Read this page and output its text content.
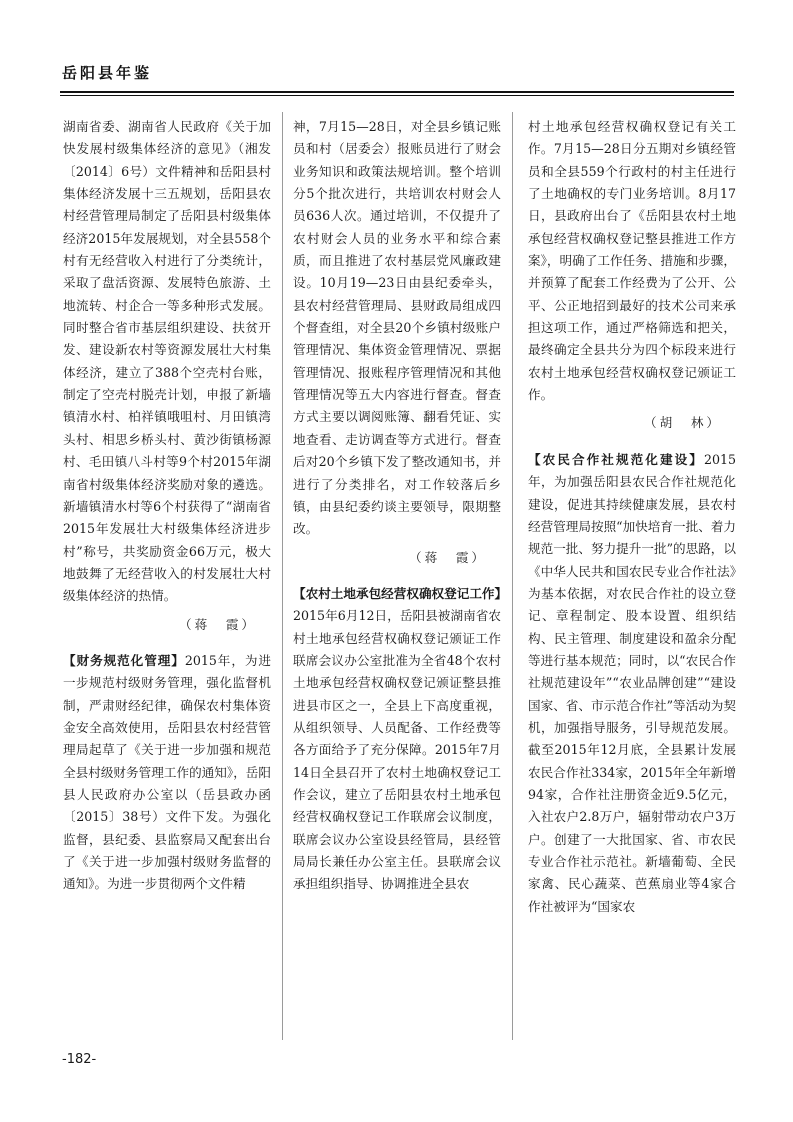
岳阳县年鉴

湖南省委、湖南省人民政府《关于加快发展村级集体经济的意见》（湘发〔2014〕6号）文件精神和岳阳县村集体经济发展十三五规划，岳阳县农村经营管理局制定了岳阳县村级集体经济2015年发展规划，对全县558个村有无经营收入村进行了分类统计，采取了盘活资源、发展特色旅游、土地流转、村企合一等多种形式发展。同时整合省市基层组织建设、扶贫开发、建设新农村等资源发展壮大村集体经济，建立了388个空壳村台账，制定了空壳村脱壳计划，申报了新墙镇清水村、柏祥镇哦咀村、月田镇湾头村、相思乡桥头村、黄沙街镇杨源村、毛田镇八斗村等9个村2015年湖南省村级集体经济奖励对象的遴选。新墙镇清水村等6个村获得了“湖南省2015年发展壮大村级集体经济进步村”称号，共奖励资金66万元，极大地鼓舞了无经营收入的村发展壮大村级集体经济的热情。

（蒋　霞）

【财务规范化管理】2015年，为进一步规范村级财务管理，强化监督机制，严肃财经纪律，确保农村集体资金安全高效使用，岳阳县农村经营管理局起草了《关于进一步加强和规范全县村级财务管理工作的通知》，岳阳县人民政府办公室以（岳县政办函〔2015〕38号）文件下发。为强化监督，县纪委、县监察局又配套出台了《关于进一步加强村级财务监督的通知》。为进一步贯彻两个文件精

神，7月15—28日，对全县乡镇记账员和村（居委会）报账员进行了财会业务知识和政策法规培训。整个培训分5个批次进行，共培训农村财会人员636人次。通过培训，不仅提升了农村财会人员的业务水平和综合素质，而且推进了农村基层党风廉政建设。10月19—23日由县纪委牵头，县农村经营管理局、县财政局组成四个督查组，对全县20个乡镇村级账户管理情况、集体资金管理情况、票据管理情况、报账程序管理情况和其他管理情况等五大内容进行督查。督查方式主要以调阅账簿、翻看凭证、实地查看、走访调查等方式进行。督查后对20个乡镇下发了整改通知书，并进行了分类排名，对工作较落后乡镇，由县纪委约谈主要领导，限期整改。

（蒋　霞）

【农村土地承包经营权确权登记工作】2015年6月12日，岳阳县被湖南省农村土地承包经营权确权登记颁证工作联席会议办公室批准为全省48个农村土地承包经营权确权登记颁证整县推进县市区之一，全县上下高度重视，从组织领导、人员配备、工作经费等各方面给予了充分保障。2015年7月14日全县召开了农村土地确权登记工作会议，建立了岳阳县农村土地承包经营权确权登记工作联席会议制度，联席会议办公室设县经管局，县经管局局长兼任办公室主任。县联席会议承担组织指导、协调推进全县农

村土地承包经营权确权登记有关工作。7月15—28日分五期对乡镇经管员和全县559个行政村的村主任进行了土地确权的专门业务培训。8月17日，县政府出台了《岳阳县农村土地承包经营权确权登记整县推进工作方案》，明确了工作任务、措施和步骤，并预算了配套工作经费为了公开、公平、公正地招到最好的技术公司来承担这项工作，通过严格筛选和把关，最终确定全县共分为四个标段来进行农村土地承包经营权确权登记颁证工作。

（胡　林）

【农民合作社规范化建设】2015年，为加强岳阳县农民合作社规范化建设，促进其持续健康发展，县农村经营管理局按照“加快培育一批、着力规范一批、努力提升一批”的思路，以《中华人民共和国农民专业合作社法》为基本依据，对农民合作社的设立登记、章程制定、股本设置、组织结构、民主管理、制度建设和盈余分配等进行基本规范；同时，以“农民合作社规范建设年”“农业品牌创建”“建设国家、省、市示范合作社”等活动为契机，加强指导服务，引导规范发展。截至2015年12月底，全县累计发展农民合作社334家，2015年全年新增94家，合作社注册资金近9.5亿元，入社农户2.8万户，辐射带动农户3万户。创建了一大批国家、省、市农民专业合作社示范社。新墙葡萄、全民家禽、民心蔬菜、芭蕉扇业等4家合作社被评为“国家农

-182-
